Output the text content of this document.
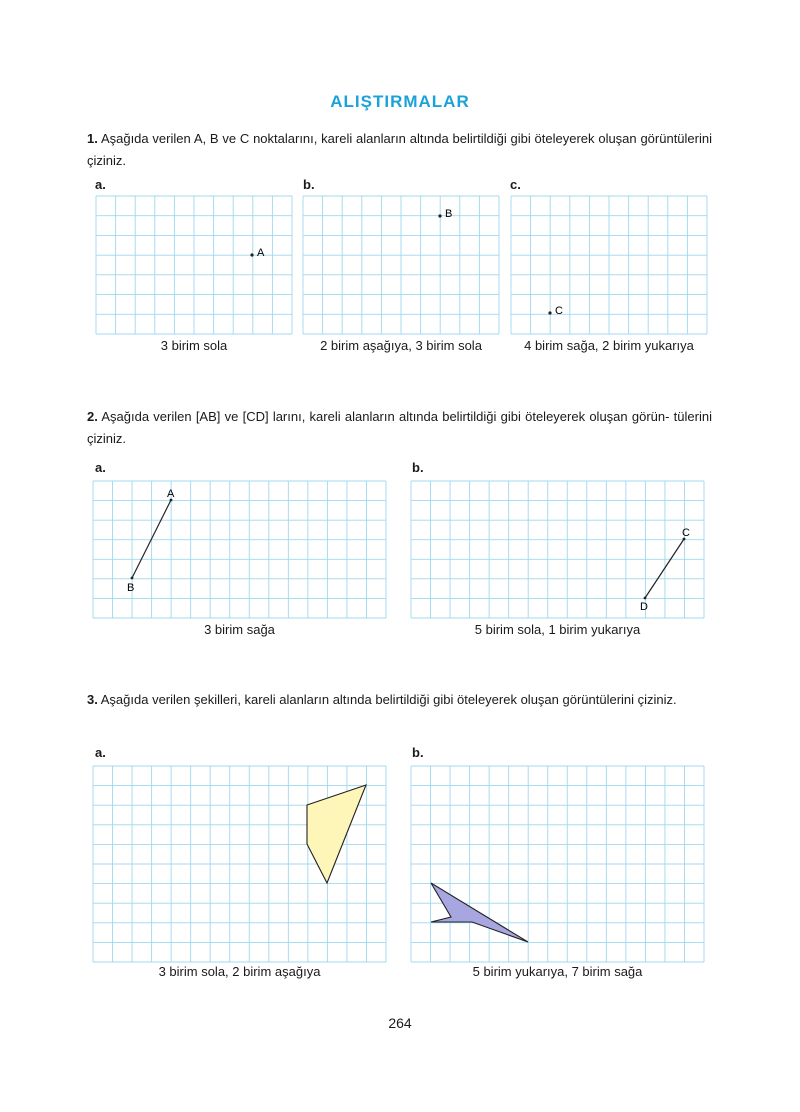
ALIŞTIRMALAR
1. Aşağıda verilen A, B ve C noktalarını, kareli alanların altında belirtildiği gibi öteleyerek oluşan görüntülerini çiziniz.
a.	b.	c.
A
B
C
3 birim sola	2 birim aşağıya, 3 birim sola	4 birim sağa, 2 birim yukarıya
2. Aşağıda verilen [AB] ve [CD] larını, kareli alanların altında belirtildiği gibi öteleyerek oluşan görün- tülerini çiziniz.
a.	b.
A
B
C
D
3 birim sağa	5 birim sola, 1 birim yukarıya
3. Aşağıda verilen şekilleri, kareli alanların altında belirtildiği gibi öteleyerek oluşan görüntülerini çiziniz.
a.	b.
3 birim sola, 2 birim aşağıya	5 birim yukarıya, 7 birim sağa
264
